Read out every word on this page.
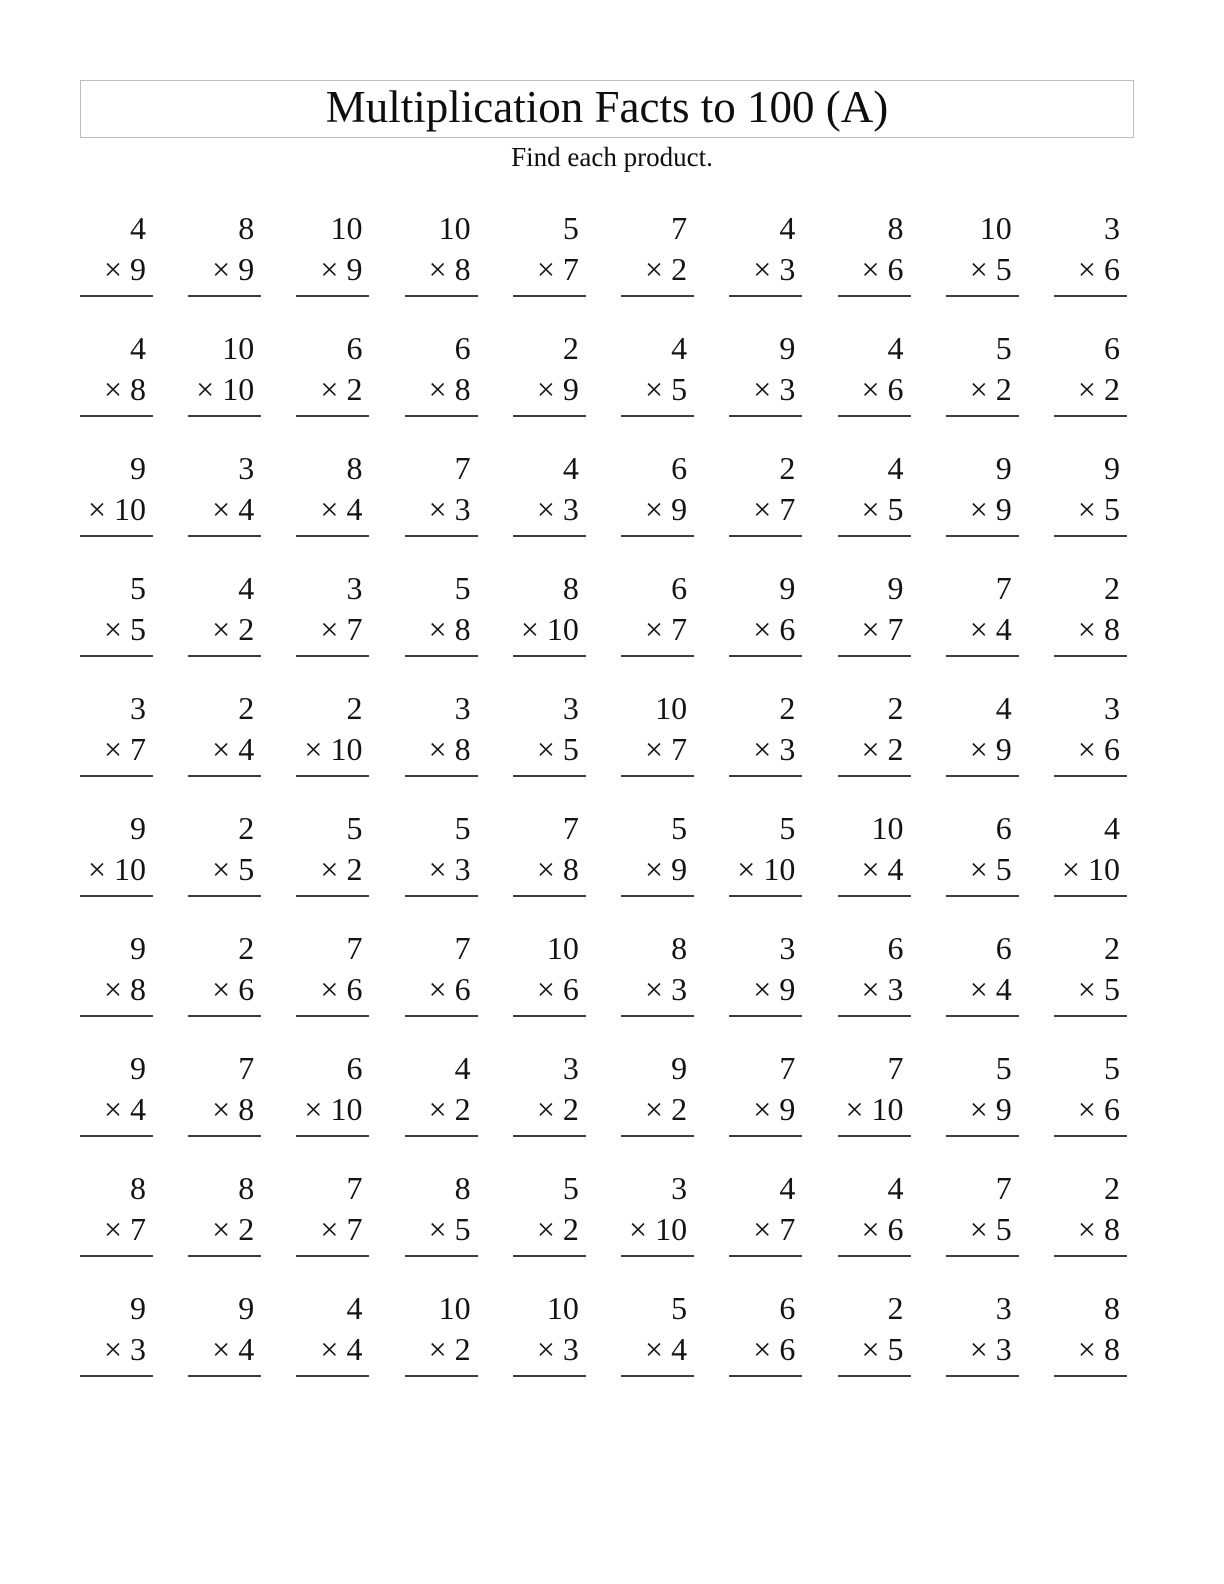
Multiplication Facts to 100 (A)
Find each product.
4
× 9
8
× 9
10
× 9
10
× 8
5
× 7
7
× 2
4
× 3
8
× 6
10
× 5
3
× 6
4
× 8
10
× 10
6
× 2
6
× 8
2
× 9
4
× 5
9
× 3
4
× 6
5
× 2
6
× 2
9
× 10
3
× 4
8
× 4
7
× 3
4
× 3
6
× 9
2
× 7
4
× 5
9
× 9
9
× 5
5
× 5
4
× 2
3
× 7
5
× 8
8
× 10
6
× 7
9
× 6
9
× 7
7
× 4
2
× 8
3
× 7
2
× 4
2
× 10
3
× 8
3
× 5
10
× 7
2
× 3
2
× 2
4
× 9
3
× 6
9
× 10
2
× 5
5
× 2
5
× 3
7
× 8
5
× 9
5
× 10
10
× 4
6
× 5
4
× 10
9
× 8
2
× 6
7
× 6
7
× 6
10
× 6
8
× 3
3
× 9
6
× 3
6
× 4
2
× 5
9
× 4
7
× 8
6
× 10
4
× 2
3
× 2
9
× 2
7
× 9
7
× 10
5
× 9
5
× 6
8
× 7
8
× 2
7
× 7
8
× 5
5
× 2
3
× 10
4
× 7
4
× 6
7
× 5
2
× 8
9
× 3
9
× 4
4
× 4
10
× 2
10
× 3
5
× 4
6
× 6
2
× 5
3
× 3
8
× 8
